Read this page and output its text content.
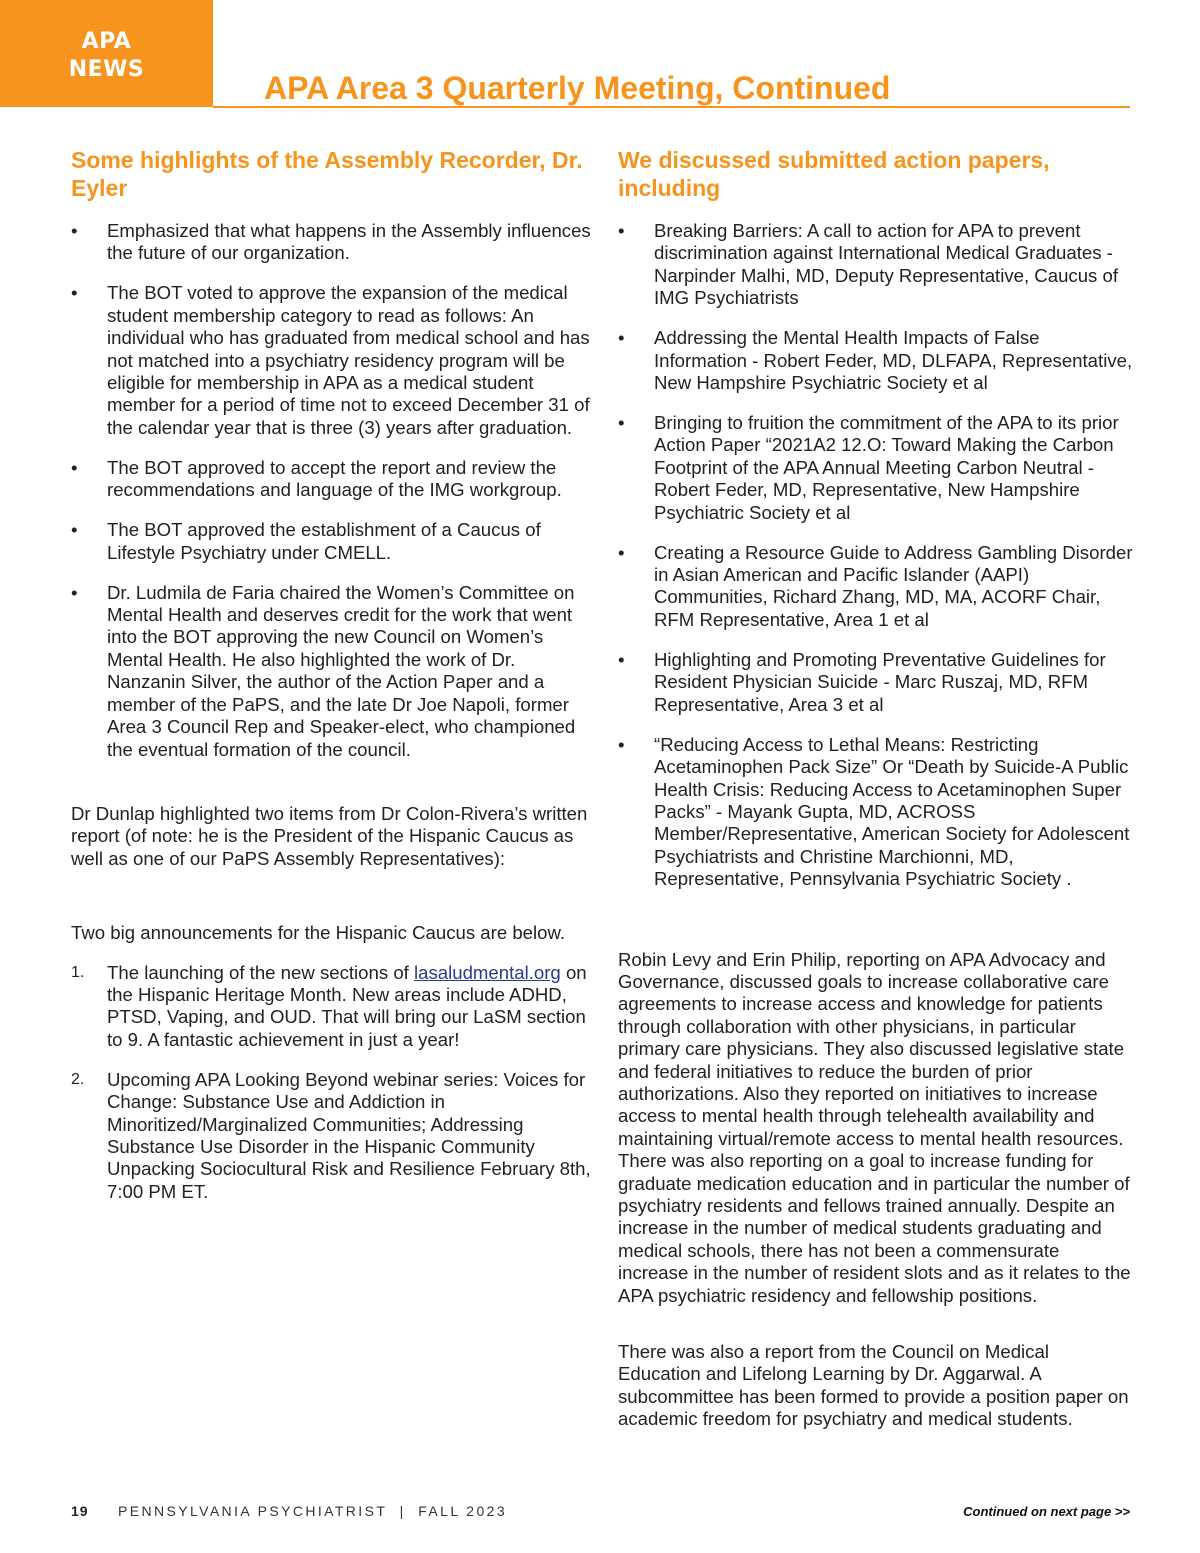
APA
NEWS
APA Area 3 Quarterly Meeting, Continued
Some highlights of the Assembly Recorder, Dr. Eyler
• Emphasized that what happens in the Assembly influences the future of our organization.
• The BOT voted to approve the expansion of the medical student membership category to read as follows: An individual who has graduated from medical school and has not matched into a psychiatry residency program will be eligible for membership in APA as a medical student member for a period of time not to exceed December 31 of the calendar year that is three (3) years after graduation.
• The BOT approved to accept the report and review the recommendations and language of the IMG workgroup.
• The BOT approved the establishment of a Caucus of Lifestyle Psychiatry under CMELL.
• Dr. Ludmila de Faria chaired the Women’s Committee on Mental Health and deserves credit for the work that went into the BOT approving the new Council on Women’s Mental Health. He also highlighted the work of Dr. Nanzanin Silver, the author of the Action Paper and a member of the PaPS, and the late Dr Joe Napoli, former Area 3 Council Rep and Speaker-elect, who championed the eventual formation of the council.

Dr Dunlap highlighted two items from Dr Colon-Rivera’s written report (of note: he is the President of the Hispanic Caucus as well as one of our PaPS Assembly Representatives):

Two big announcements for the Hispanic Caucus are below.

1. The launching of the new sections of lasaludmental.org on the Hispanic Heritage Month. New areas include ADHD, PTSD, Vaping, and OUD. That will bring our LaSM section to 9. A fantastic achievement in just a year!
2. Upcoming APA Looking Beyond webinar series: Voices for Change: Substance Use and Addiction in Minoritized/Marginalized Communities; Addressing Substance Use Disorder in the Hispanic Community Unpacking Sociocultural Risk and Resilience February 8th, 7:00 PM ET.
We discussed submitted action papers, including
• Breaking Barriers: A call to action for APA to prevent discrimination against International Medical Graduates - Narpinder Malhi, MD, Deputy Representative, Caucus of IMG Psychiatrists
• Addressing the Mental Health Impacts of False Information - Robert Feder, MD, DLFAPA, Representative, New Hampshire Psychiatric Society et al
• Bringing to fruition the commitment of the APA to its prior Action Paper “2021A2 12.O: Toward Making the Carbon Footprint of the APA Annual Meeting Carbon Neutral - Robert Feder, MD, Representative, New Hampshire Psychiatric Society et al
• Creating a Resource Guide to Address Gambling Disorder in Asian American and Pacific Islander (AAPI) Communities, Richard Zhang, MD, MA, ACORF Chair, RFM Representative, Area 1 et al
• Highlighting and Promoting Preventative Guidelines for Resident Physician Suicide - Marc Ruszaj, MD, RFM Representative, Area 3 et al
• “Reducing Access to Lethal Means: Restricting Acetaminophen Pack Size” Or “Death by Suicide-A Public Health Crisis: Reducing Access to Acetaminophen Super Packs” - Mayank Gupta, MD, ACROSS Member/Representative, American Society for Adolescent Psychiatrists and Christine Marchionni, MD, Representative, Pennsylvania Psychiatric Society .

Robin Levy and Erin Philip, reporting on APA Advocacy and Governance, discussed goals to increase collaborative care agreements to increase access and knowledge for patients through collaboration with other physicians, in particular primary care physicians. They also discussed legislative state and federal initiatives to reduce the burden of prior authorizations. Also they reported on initiatives to increase access to mental health through telehealth availability and maintaining virtual/remote access to mental health resources. There was also reporting on a goal to increase funding for graduate medication education and in particular the number of psychiatry residents and fellows trained annually. Despite an increase in the number of medical students graduating and medical schools, there has not been a commensurate increase in the number of resident slots and as it relates to the APA psychiatric residency and fellowship positions.

There was also a report from the Council on Medical Education and Lifelong Learning by Dr. Aggarwal. A subcommittee has been formed to provide a position paper on academic freedom for psychiatry and medical students.

19 PENNSYLVANIA PSYCHIATRIST  |  FALL 2023	Continued on next page >>
